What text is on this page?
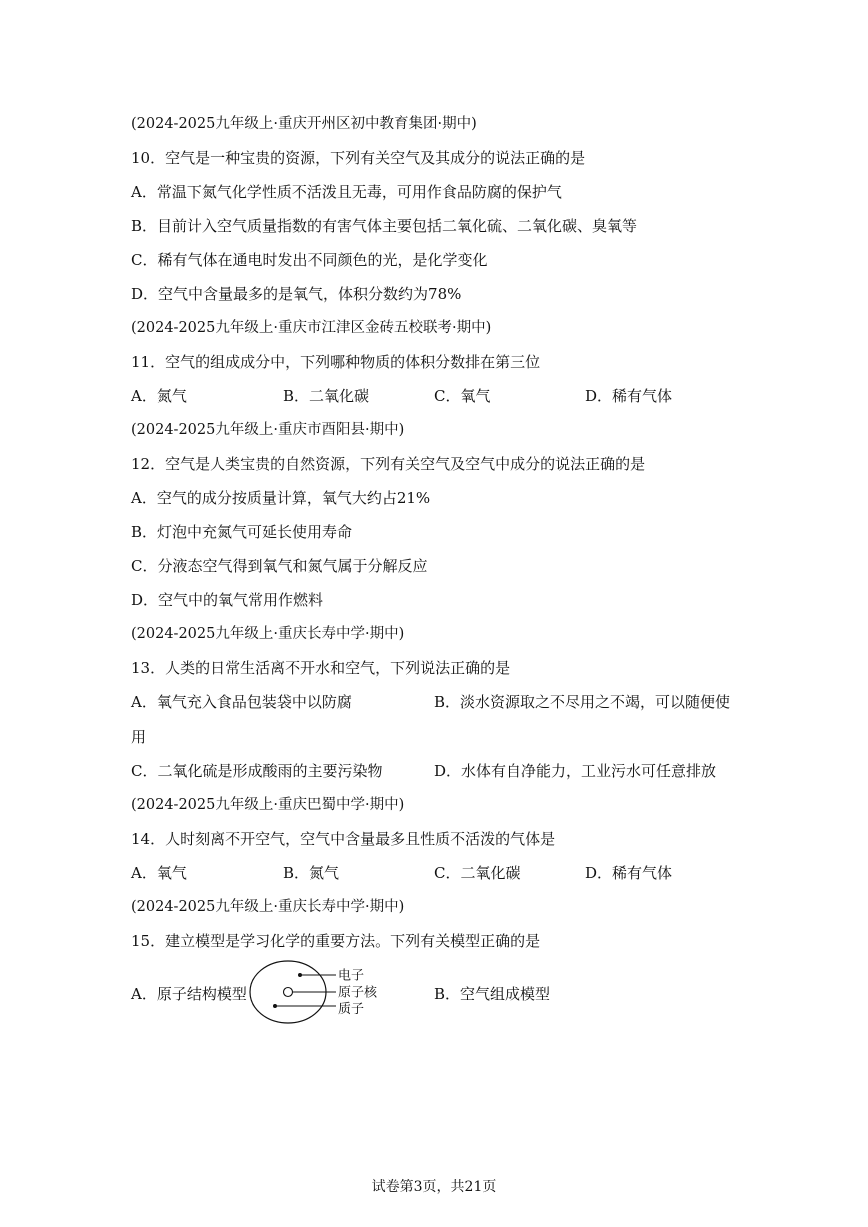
(2024-2025九年级上·重庆开州区初中教育集团·期中)
10．空气是一种宝贵的资源，下列有关空气及其成分的说法正确的是
A．常温下氮气化学性质不活泼且无毒，可用作食品防腐的保护气
B．目前计入空气质量指数的有害气体主要包括二氧化硫、二氧化碳、臭氧等
C．稀有气体在通电时发出不同颜色的光，是化学变化
D．空气中含量最多的是氧气，体积分数约为78%
(2024-2025九年级上·重庆市江津区金砖五校联考·期中)
11．空气的组成成分中，下列哪种物质的体积分数排在第三位
A．氮气	B．二氧化碳	C．氧气	D．稀有气体
(2024-2025九年级上·重庆市酉阳县·期中)
12．空气是人类宝贵的自然资源，下列有关空气及空气中成分的说法正确的是
A．空气的成分按质量计算，氧气大约占21%
B．灯泡中充氮气可延长使用寿命
C．分液态空气得到氧气和氮气属于分解反应
D．空气中的氧气常用作燃料
(2024-2025九年级上·重庆长寿中学·期中)
13．人类的日常生活离不开水和空气，下列说法正确的是
A．氧气充入食品包装袋中以防腐	B．淡水资源取之不尽用之不竭，可以随便使
用
C．二氧化硫是形成酸雨的主要污染物	D．水体有自净能力，工业污水可任意排放
(2024-2025九年级上·重庆巴蜀中学·期中)
14．人时刻离不开空气，空气中含量最多且性质不活泼的气体是
A．氧气	B．氮气	C．二氧化碳	D．稀有气体
(2024-2025九年级上·重庆长寿中学·期中)
15．建立模型是学习化学的重要方法。下列有关模型正确的是
A．原子结构模型	B．空气组成模型
电子
原子核
质子
试卷第3页，共21页
